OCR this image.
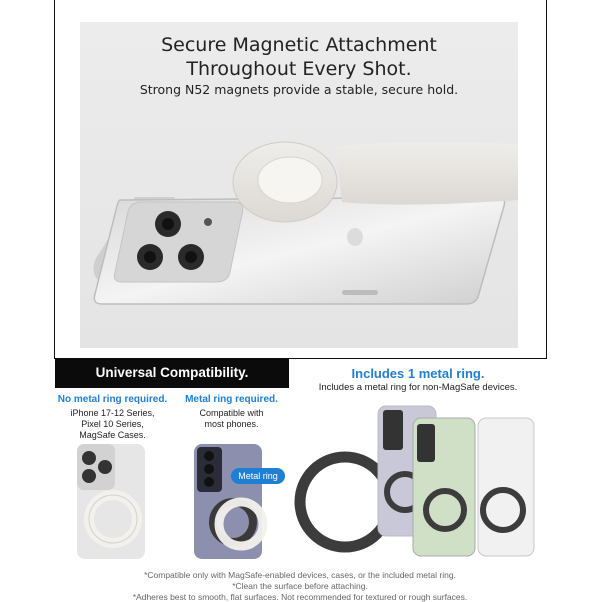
Secure Magnetic Attachment
Throughout Every Shot.
Strong N52 magnets provide a stable, secure hold.
Universal Compatibility.
No metal ring required.
iPhone 17-12 Series,
Pixel 10 Series,
MagSafe Cases.
Metal ring required.
Compatible with
most phones.
Metal ring
Includes 1 metal ring.
Includes a metal ring for non-MagSafe devices.
*Compatible only with MagSafe-enabled devices, cases, or the included metal ring.
*Clean the surface before attaching.
*Adheres best to smooth, flat surfaces. Not recommended for textured or rough surfaces.
